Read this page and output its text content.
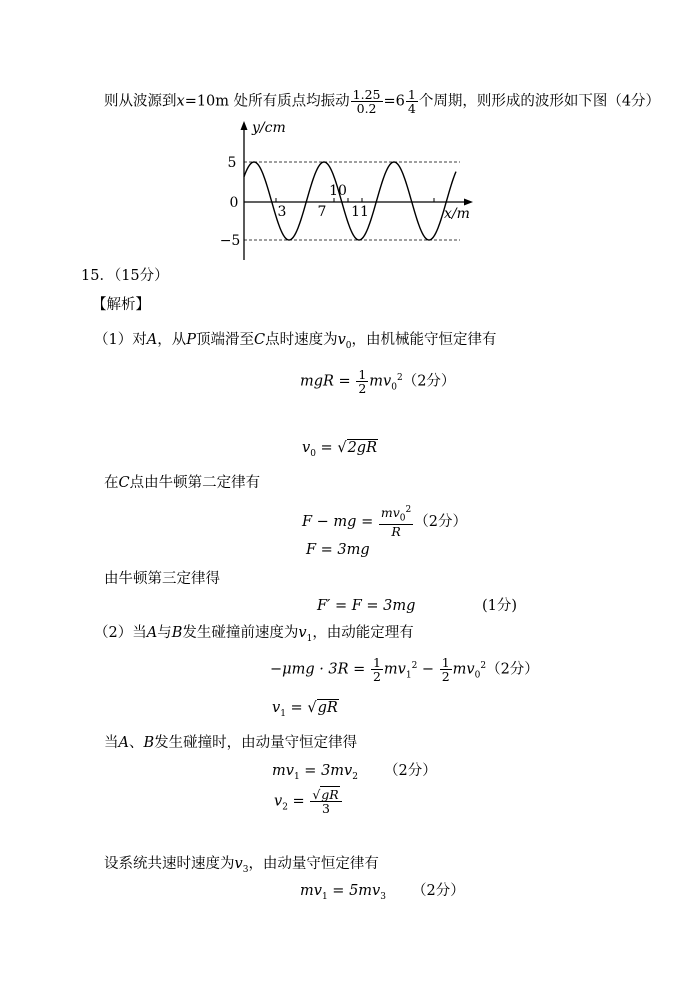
则从波源到x=10m 处所有质点均振动 $\frac{1.25}{0.2} =6 \frac{1}{4}$ 个周期，则形成的波形如下图（4分）
y/cm
x/m
5
0
−5
3 7
10
11
15．（15分）
【解析】
（1）对A，从P顶端滑至C点时速度为$v_0$，由机械能守恒定律有
mgR = $\frac{1}{2} mv_0^2(2$分）
$v_0 = √2gR$
在C点由牛顿第二定律有
F − mg = $\frac{mv_0^2}{R} (2$分）
F = 3mg
由牛顿第三定律得
F′ = F = 3mg	(1分)
（2）当A与B发生碰撞前速度为$v_1$，由动能定理有
$-\mu mg \cdot 3R = \frac{1}{2} mv_1^2 - \frac{1}{2} mv_0^2(2$分）
$v_1 = √gR$
当A、B发生碰撞时，由动量守恒定律得
$mv_1 = 3mv_2$ （2分）
$v_2 = \frac{√gR}{3}$
设系统共速时速度为$v_3$，由动量守恒定律有
$mv_1 = 5mv_3$ （2分）
